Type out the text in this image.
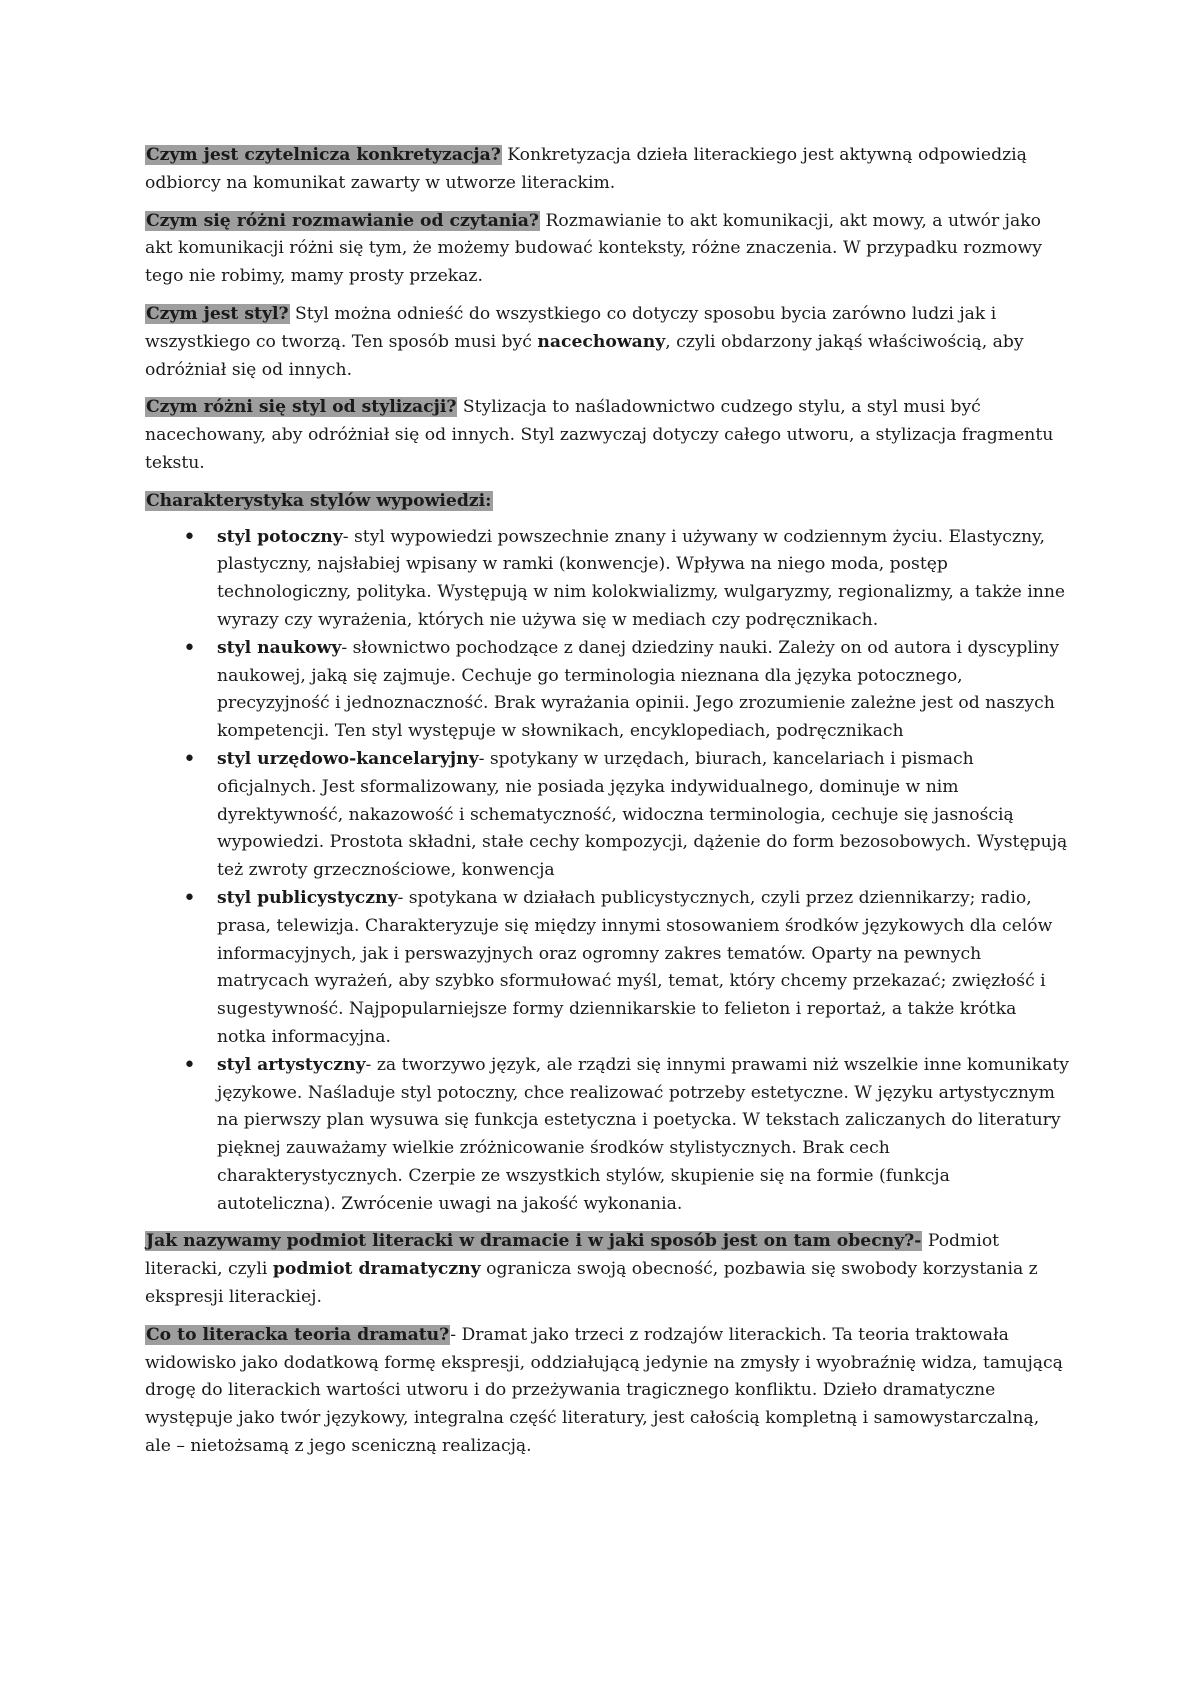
Czym jest czytelnicza konkretyzacja? Konkretyzacja dzieła literackiego jest aktywną odpowiedzią odbiorcy na komunikat zawarty w utworze literackim.

Czym się różni rozmawianie od czytania? Rozmawianie to akt komunikacji, akt mowy, a utwór jako akt komunikacji różni się tym, że możemy budować konteksty, różne znaczenia. W przypadku rozmowy tego nie robimy, mamy prosty przekaz.

Czym jest styl? Styl można odnieść do wszystkiego co dotyczy sposobu bycia zarówno ludzi jak i wszystkiego co tworzą. Ten sposób musi być nacechowany, czyli obdarzony jakąś właściwością, aby odróżniał się od innych.

Czym różni się styl od stylizacji? Stylizacja to naśladownictwo cudzego stylu, a styl musi być nacechowany, aby odróżniał się od innych. Styl zazwyczaj dotyczy całego utworu, a stylizacja fragmentu tekstu.

Charakterystyka stylów wypowiedzi:

• styl potoczny- styl wypowiedzi powszechnie znany i używany w codziennym życiu. Elastyczny, plastyczny, najsłabiej wpisany w ramki (konwencje). Wpływa na niego moda, postęp technologiczny, polityka. Występują w nim kolokwializmy, wulgaryzmy, regionalizmy, a także inne wyrazy czy wyrażenia, których nie używa się w mediach czy podręcznikach.
• styl naukowy- słownictwo pochodzące z danej dziedziny nauki. Zależy on od autora i dyscypliny naukowej, jaką się zajmuje. Cechuje go terminologia nieznana dla języka potocznego, precyzyjność i jednoznaczność. Brak wyrażania opinii. Jego zrozumienie zależne jest od naszych kompetencji. Ten styl występuje w słownikach, encyklopediach, podręcznikach
• styl urzędowo-kancelaryjny- spotykany w urzędach, biurach, kancelariach i pismach oficjalnych. Jest sformalizowany, nie posiada języka indywidualnego, dominuje w nim dyrektywność, nakazowość i schematyczność, widoczna terminologia, cechuje się jasnością wypowiedzi. Prostota składni, stałe cechy kompozycji, dążenie do form bezosobowych. Występują też zwroty grzecznościowe, konwencja
• styl publicystyczny- spotykana w działach publicystycznych, czyli przez dziennikarzy; radio, prasa, telewizja. Charakteryzuje się między innymi stosowaniem środków językowych dla celów informacyjnych, jak i perswazyjnych oraz ogromny zakres tematów. Oparty na pewnych matrycach wyrażeń, aby szybko sformułować myśl, temat, który chcemy przekazać; zwięzłość i sugestywność. Najpopularniejsze formy dziennikarskie to felieton i reportaż, a także krótka notka informacyjna.
• styl artystyczny- za tworzywo język, ale rządzi się innymi prawami niż wszelkie inne komunikaty językowe. Naśladuje styl potoczny, chce realizować potrzeby estetyczne. W języku artystycznym na pierwszy plan wysuwa się funkcja estetyczna i poetycka. W tekstach zaliczanych do literatury pięknej zauważamy wielkie zróżnicowanie środków stylistycznych. Brak cech charakterystycznych. Czerpie ze wszystkich stylów, skupienie się na formie (funkcja autoteliczna). Zwrócenie uwagi na jakość wykonania.

Jak nazywamy podmiot literacki w dramacie i w jaki sposób jest on tam obecny?- Podmiot literacki, czyli podmiot dramatyczny ogranicza swoją obecność, pozbawia się swobody korzystania z ekspresji literackiej.

Co to literacka teoria dramatu?- Dramat jako trzeci z rodzajów literackich. Ta teoria traktowała widowisko jako dodatkową formę ekspresji, oddziałującą jedynie na zmysły i wyobraźnię widza, tamującą drogę do literackich wartości utworu i do przeżywania tragicznego konfliktu. Dzieło dramatyczne występuje jako twór językowy, integralna część literatury, jest całością kompletną i samowystarczalną, ale – nietożsamą z jego sceniczną realizacją.
